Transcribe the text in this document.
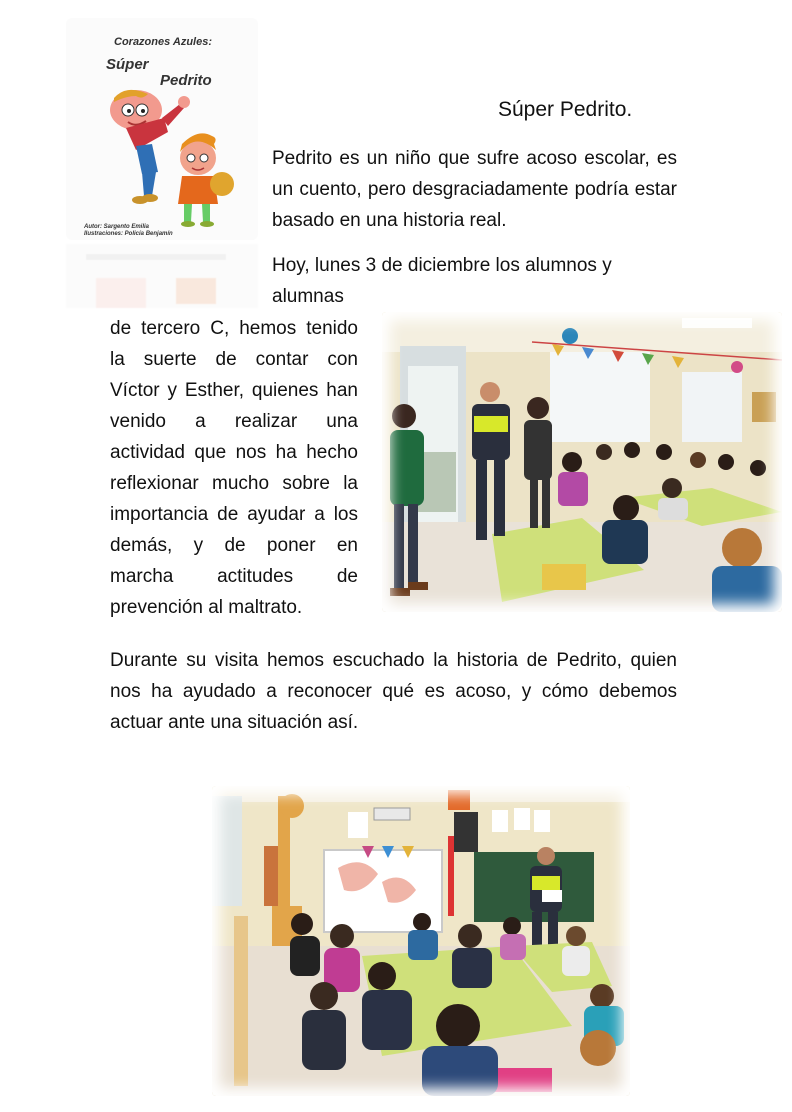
Corazones Azules:
Súper
Pedrito
Autor: Sargento Emilia
Ilustraciones: Policía Benjamín
Súper Pedrito.

Pedrito es un niño que sufre acoso escolar, es un cuento, pero desgraciadamente podría estar basado en una historia real.

Hoy, lunes 3 de diciembre los alumnos y
alumnas

de tercero C, hemos tenido la suerte de contar con Víctor y Esther, quienes han venido a realizar una actividad que nos ha hecho reflexionar mucho sobre la importancia de ayudar a los demás, y de poner en marcha actitudes de prevención al maltrato.

Durante su visita hemos escuchado la historia de Pedrito, quien nos ha ayudado a reconocer qué es acoso, y cómo debemos actuar ante una situación así.
